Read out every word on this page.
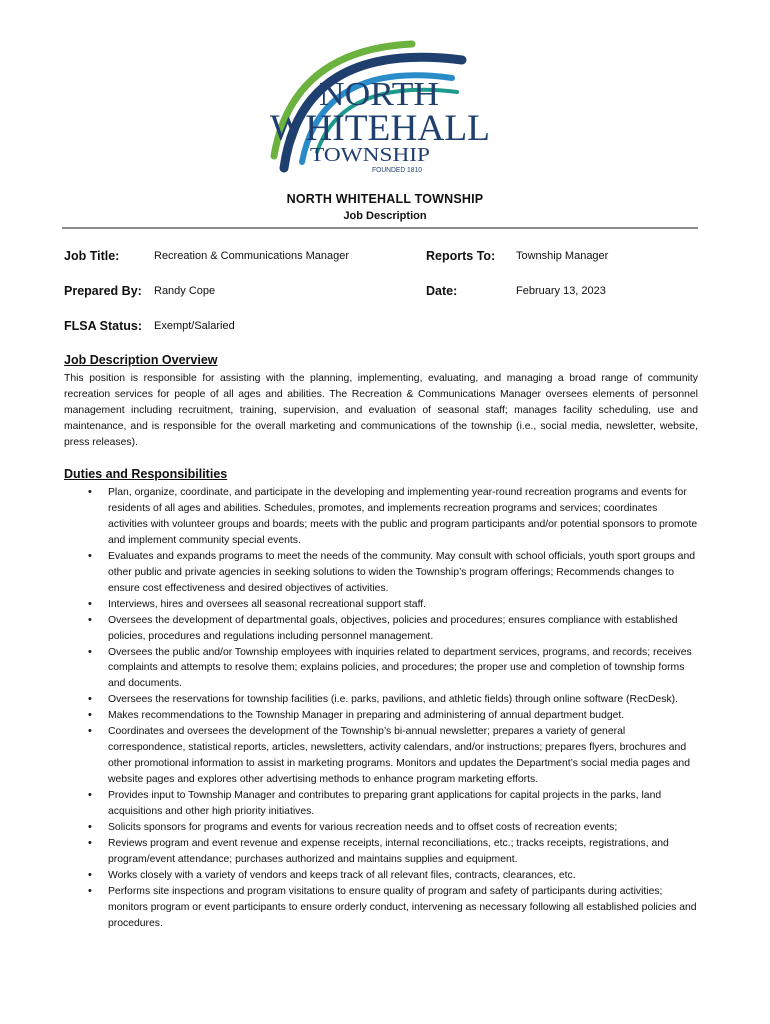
NORTH
WHITEHALL
TOWNSHIP
FOUNDED 1810
NORTH WHITEHALL TOWNSHIP
Job Description
Job Title:	Recreation & Communications Manager	Reports To: Township Manager
Prepared By: Randy Cope	Date:	February 13, 2023
FLSA Status: Exempt/Salaried
Job Description Overview

This position is responsible for assisting with the planning, implementing, evaluating, and managing a broad range of community recreation services for people of all ages and abilities. The Recreation & Communications Manager oversees elements of personnel management including recruitment, training, supervision, and evaluation of seasonal staff; manages facility scheduling, use and maintenance, and is responsible for the overall marketing and communications of the township (i.e., social media, newsletter, website, press releases).

Duties and Responsibilities
• Plan, organize, coordinate, and participate in the developing and implementing year-round recreation programs and events for residents of all ages and abilities. Schedules, promotes, and implements recreation programs and services; coordinates activities with volunteer groups and boards; meets with the public and program participants and/or potential sponsors to promote and implement community special events.
• Evaluates and expands programs to meet the needs of the community. May consult with school officials, youth sport groups and other public and private agencies in seeking solutions to widen the Township’s program offerings; Recommends changes to ensure cost effectiveness and desired objectives of activities.
• Interviews, hires and oversees all seasonal recreational support staff.
• Oversees the development of departmental goals, objectives, policies and procedures; ensures compliance with established policies, procedures and regulations including personnel management.
• Oversees the public and/or Township employees with inquiries related to department services, programs, and records; receives complaints and attempts to resolve them; explains policies, and procedures; the proper use and completion of township forms and documents.
• Oversees the reservations for township facilities (i.e. parks, pavilions, and athletic fields) through online software (RecDesk).
• Makes recommendations to the Township Manager in preparing and administering of annual department budget.
• Coordinates and oversees the development of the Township’s bi-annual newsletter; prepares a variety of general correspondence, statistical reports, articles, newsletters, activity calendars, and/or instructions; prepares flyers, brochures and other promotional information to assist in marketing programs. Monitors and updates the Department’s social media pages and website pages and explores other advertising methods to enhance program marketing efforts.
• Provides input to Township Manager and contributes to preparing grant applications for capital projects in the parks, land acquisitions and other high priority initiatives.
• Solicits sponsors for programs and events for various recreation needs and to offset costs of recreation events;
• Reviews program and event revenue and expense receipts, internal reconciliations, etc.; tracks receipts, registrations, and program/event attendance; purchases authorized and maintains supplies and equipment.
• Works closely with a variety of vendors and keeps track of all relevant files, contracts, clearances, etc.
• Performs site inspections and program visitations to ensure quality of program and safety of participants during activities; monitors program or event participants to ensure orderly conduct, intervening as necessary following all established policies and procedures.
